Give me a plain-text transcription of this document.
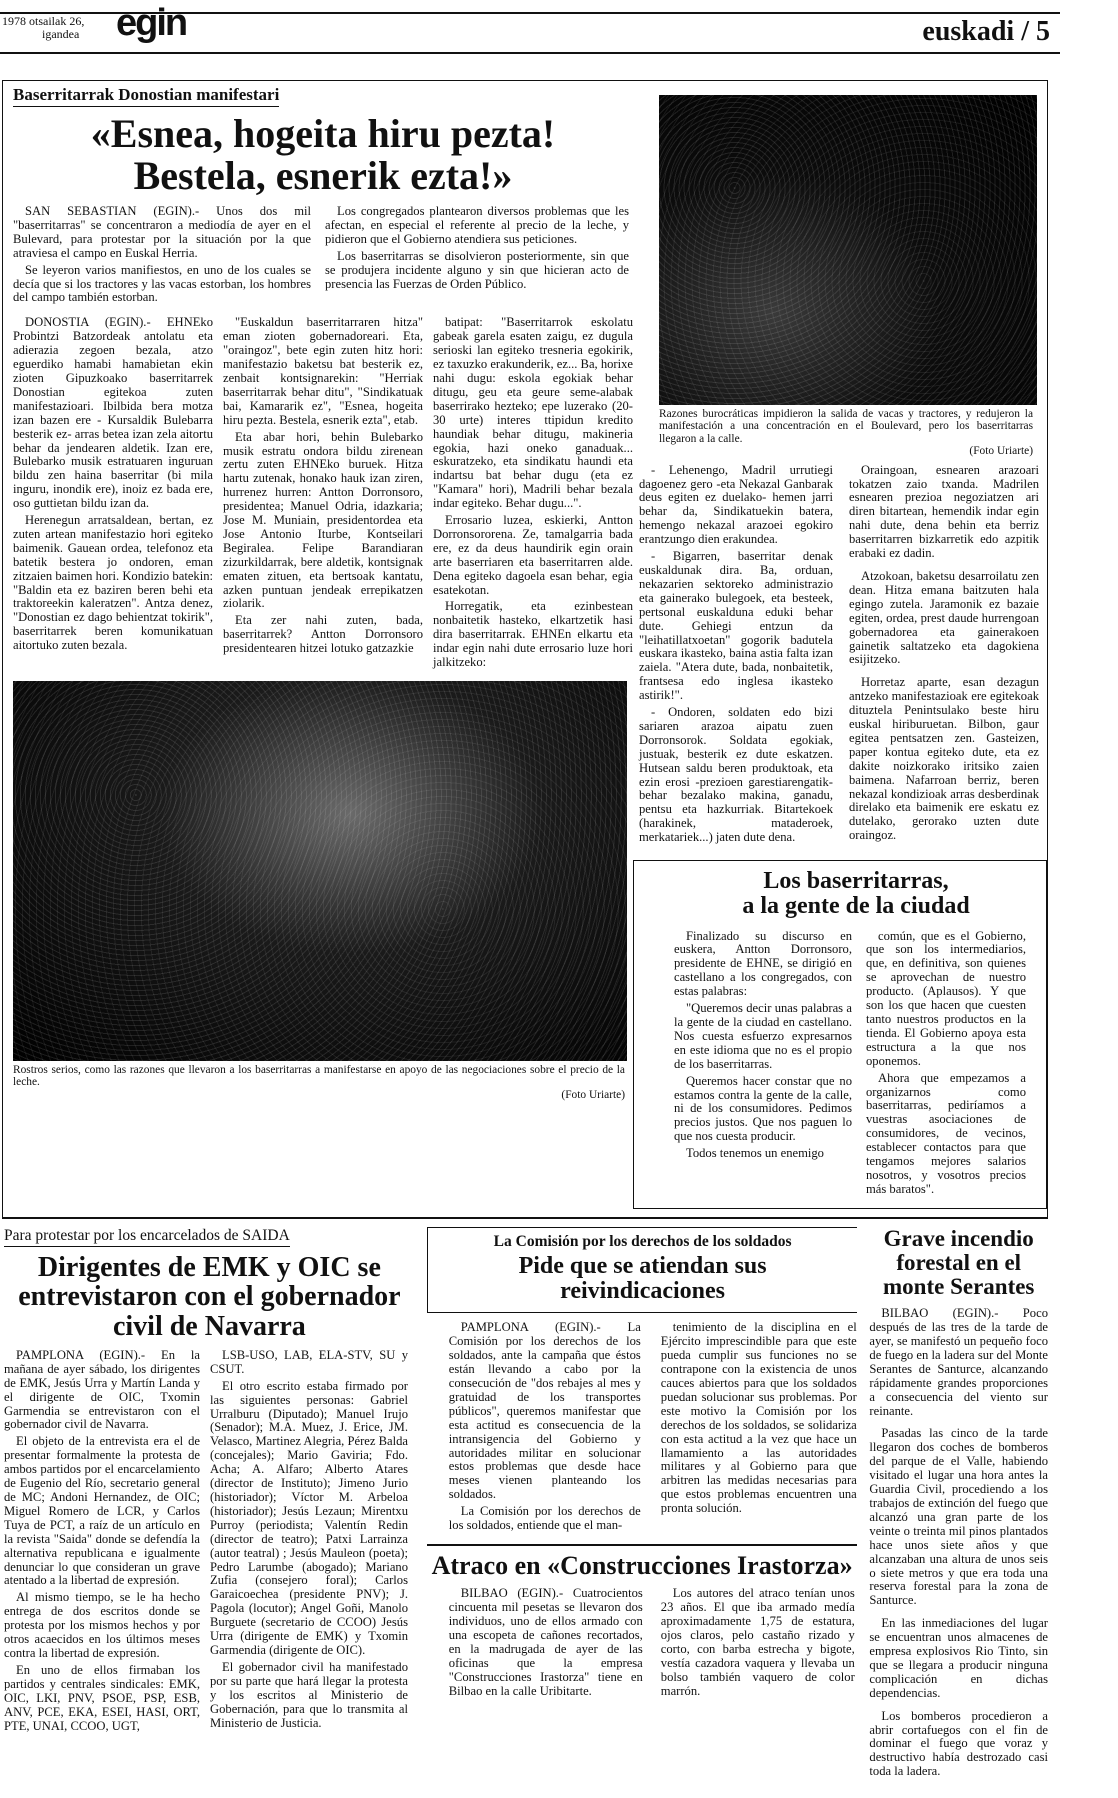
1978 otsailak 26,
igandea egin	euskadi / 5
Baserritarrak Donostian manifestari
«Esnea, hogeita hiru pezta! Bestela, esnerik ezta!»

SAN SEBASTIAN (EGIN).- Unos dos mil "baserritarras" se concentraron a mediodía de ayer en el Bulevard, para protestar por la situación por la que atraviesa el campo en Euskal Herria.

Se leyeron varios manifiestos, en uno de los cuales se decía que si los tractores y las vacas estorban, los hombres del campo también estorban.

Los congregados plantearon diversos problemas que les afectan, en especial el referente al precio de la leche, y pidieron que el Gobierno atendiera sus peticiones.

Los baserritarras se disolvieron posteriormente, sin que se produjera incidente alguno y sin que hicieran acto de presencia las Fuerzas de Orden Público.

DONOSTIA (EGIN).- EHNEko Probintzi Batzordeak antolatu eta adierazia zegoen bezala, atzo eguerdiko hamabi hamabietan ekin zioten Gipuzkoako baserritarrek Donostian egitekoa zuten manifestazioari. Ibilbida bera motza izan bazen ere - Kursaldik Bulebarra besterik ez- arras betea izan zela aitortu behar da jendearen aldetik. Izan ere, Bulebarko musik estratuaren inguruan bildu zen haina baserritar (bi mila inguru, inondik ere), inoiz ez bada ere, oso guttietan bildu izan da.

Herenegun arratsaldean, bertan, ez zuten artean manifestazio hori egiteko baimenik. Gauean ordea, telefonoz eta batetik bestera jo ondoren, eman zitzaien baimen hori. Kondizio batekin: "Baldin eta ez baziren beren behi eta traktoreekin kaleratzen". Antza denez, "Donostian ez dago behientzat tokirik", baserritarrek beren komunikatuan aitortuko zuten bezala.

"Euskaldun baserritarraren hitza" eman zioten gobernadoreari. Eta, "oraingoz", bete egin zuten hitz hori: manifestazio baketsu bat besterik ez, zenbait kontsignarekin: "Herriak baserritarrak behar ditu", "Sindikatuak bai, Kamararik ez", "Esnea, hogeita hiru pezta. Bestela, esnerik ezta", etab.

Eta abar hori, behin Bulebarko musik estratu ondora bildu zirenean zertu zuten EHNEko buruek. Hitza hartu zutenak, honako hauk izan ziren, hurrenez hurren: Antton Dorronsoro, presidentea; Manuel Odria, idazkaria; Jose M. Muniain, presidentordea eta Jose Antonio Iturbe, Kontseilari Begiralea. Felipe Barandiaran zizurkildarrak, bere aldetik, kontsignak ematen zituen, eta bertsoak kantatu, azken puntuan jendeak errepikatzen ziolarik.

Eta zer nahi zuten, bada, baserritarrek? Antton Dorronsoro presidentearen hitzei lotuko gatzazkie

batipat: "Baserritarrok eskolatu gabeak garela esaten zaigu, ez dugula serioski lan egiteko tresneria egokirik, ez taxuzko erakunderik, ez... Ba, horixe nahi dugu: eskola egokiak behar ditugu, geu eta geure seme-alabak baserrirako hezteko; epe luzerako (20-30 urte) interes ttipidun kredito haundiak behar ditugu, makineria egokia, hazi oneko ganaduak... eskuratzeko, eta sindikatu haundi eta indartsu bat behar dugu (eta ez "Kamara" hori), Madrili behar bezala indar egiteko. Behar dugu...".

Errosario luzea, eskierki, Antton Dorronsororena. Ze, tamalgarria bada ere, ez da deus haundirik egin orain arte baserriaren eta baserritarren alde. Dena egiteko dagoela esan behar, egia esatekotan.

Horregatik, eta ezinbestean nonbaitetik hasteko, elkartzetik hasi dira baserritarrak. EHNEn elkartu eta indar egin nahi dute errosario luze hori jalkitzeko:

Rostros serios, como las razones que llevaron a los baserritarras a manifestarse en apoyo de las negociaciones sobre el precio de la leche.
(Foto Uriarte)
Razones burocráticas impidieron la salida de vacas y tractores, y redujeron la manifestación a una concentración en el Boulevard, pero los baserritarras llegaron a la calle.
(Foto Uriarte)

- Lehenengo, Madril urrutiegi dagoenez gero -eta Nekazal Ganbarak deus egiten ez duelako- hemen jarri behar da, Sindikatuekin batera, hemengo nekazal arazoei egokiro erantzungo dien erakundea.

- Bigarren, baserritar denak euskaldunak dira. Ba, orduan, nekazarien sektoreko administrazio eta gainerako bulegoek, eta besteek, pertsonal euskalduna eduki behar dute. Gehiegi entzun da "leihatillatxoetan" gogorik badutela euskara ikasteko, baina astia falta izan zaiela. "Atera dute, bada, nonbaitetik, frantsesa edo inglesa ikasteko astirik!".

- Ondoren, soldaten edo bizi sariaren arazoa aipatu zuen Dorronsorok. Soldata egokiak, justuak, besterik ez dute eskatzen. Hutsean saldu beren produktoak, eta ezin erosi -prezioen garestiarengatik- behar bezalako makina, ganadu, pentsu eta hazkurriak. Bitartekoek (harakinek, mataderoek, merkatariek...) jaten dute dena.

Oraingoan, esnearen arazoari tokatzen zaio txanda. Madrilen esnearen prezioa negoziatzen ari diren bitartean, hemendik indar egin nahi dute, dena behin eta berriz baserritarren bizkarretik edo azpitik erabaki ez dadin.

Atzokoan, baketsu desarroilatu zen dean. Hitza emana baitzuten hala egingo zutela. Jaramonik ez bazaie egiten, ordea, prest daude hurrengoan gobernadorea eta gainerakoen gainetik saltatzeko eta dagokiena esijitzeko.

Horretaz aparte, esan dezagun antzeko manifestazioak ere egitekoak dituztela Penintsulako beste hiru euskal hiriburuetan. Bilbon, gaur egitea pentsatzen zen. Gasteizen, paper kontua egiteko dute, eta ez dakite noizkorako iritsiko zaien baimena. Nafarroan berriz, beren nekazal kondizioak arras desberdinak direlako eta baimenik ere eskatu ez dutelako, gerorako uzten dute oraingoz.

Los baserritarras,
a la gente de la ciudad

Finalizado su discurso en euskera, Antton Dorronsoro, presidente de EHNE, se dirigió en castellano a los congregados, con estas palabras:

"Queremos decir unas palabras a la gente de la ciudad en castellano. Nos cuesta esfuerzo expresarnos en este idioma que no es el propio de los baserritarras.

Queremos hacer constar que no estamos contra la gente de la calle, ni de los consumidores. Pedimos precios justos. Que nos paguen lo que nos cuesta producir.

Todos tenemos un enemigo

común, que es el Gobierno, que son los intermediarios, que, en definitiva, son quienes se aprovechan de nuestro producto. (Aplausos). Y que son los que hacen que cuesten tanto nuestros productos en la tienda. El Gobierno apoya esta estructura a la que nos oponemos.

Ahora que empezamos a organizarnos como baserritarras, pediríamos a vuestras asociaciones de consumidores, de vecinos, establecer contactos para que tengamos mejores salarios nosotros, y vosotros precios más baratos".

Para protestar por los encarcelados de SAIDA
Dirigentes de EMK y OIC se entrevistaron con el gobernador civil de Navarra

PAMPLONA (EGIN).- En la mañana de ayer sábado, los dirigentes de EMK, Jesús Urra y Martín Landa y el dirigente de OIC, Txomin Garmendia se entrevistaron con el gobernador civil de Navarra.

El objeto de la entrevista era el de presentar formalmente la protesta de ambos partidos por el encarcelamiento de Eugenio del Río, secretario general de MC; Andoni Hernandez, de OIC; Miguel Romero de LCR, y Carlos Tuya de PCT, a raíz de un artículo en la revista "Saida" donde se defendía la alternativa republicana e igualmente denunciar lo que consideran un grave atentado a la libertad de expresión.

Al mismo tiempo, se le ha hecho entrega de dos escritos donde se protesta por los mismos hechos y por otros acaecidos en los últimos meses contra la libertad de expresión.

En uno de ellos firmaban los partidos y centrales sindicales: EMK, OIC, LKI, PNV, PSOE, PSP, ESB, ANV, PCE, EKA, ESEI, HASI, ORT, PTE, UNAI, CCOO, UGT,

LSB-USO, LAB, ELA-STV, SU y CSUT.

El otro escrito estaba firmado por las siguientes personas: Gabriel Urralburu (Diputado); Manuel Irujo (Senador); M.A. Muez, J. Erice, JM. Velasco, Martinez Alegria, Pérez Balda (concejales); Mario Gaviria; Fdo. Acha; A. Alfaro; Alberto Atares (director de Instituto); Jimeno Jurio (historiador); Víctor M. Arbeloa (historiador); Jesús Lezaun; Mirentxu Purroy (periodista; Valentín Redin (director de teatro); Patxi Larrainza (autor teatral) ; Jesús Mauleon (poeta); Pedro Larumbe (abogado); Mariano Zufia (consejero foral); Carlos Garaicoechea (presidente PNV); J. Pagola (locutor); Angel Goñi, Manolo Burguete (secretario de CCOO) Jesús Urra (dirigente de EMK) y Txomin Garmendia (dirigente de OIC).

El gobernador civil ha manifestado por su parte que hará llegar la protesta y los escritos al Ministerio de Gobernación, para que lo transmita al Ministerio de Justicia.

La Comisión por los derechos de los soldados
Pide que se atiendan sus reivindicaciones

PAMPLONA (EGIN).- La Comisión por los derechos de los soldados, ante la campaña que éstos están llevando a cabo por la consecución de "dos rebajes al mes y gratuidad de los transportes públicos", queremos manifestar que esta actitud es consecuencia de la intransigencia del Gobierno y autoridades militar en solucionar estos problemas que desde hace meses vienen planteando los soldados.

La Comisión por los derechos de los soldados, entiende que el man-

tenimiento de la disciplina en el Ejército imprescindible para que este pueda cumplir sus funciones no se contrapone con la existencia de unos cauces abiertos para que los soldados puedan solucionar sus problemas. Por este motivo la Comisión por los derechos de los soldados, se solidariza con esta actitud a la vez que hace un llamamiento a las autoridades militares y al Gobierno para que arbitren las medidas necesarias para que estos problemas encuentren una pronta solución.

Atraco en «Construcciones Irastorza»

BILBAO (EGIN).- Cuatrocientos cincuenta mil pesetas se llevaron dos individuos, uno de ellos armado con una escopeta de cañones recortados, en la madrugada de ayer de las oficinas que la empresa "Construcciones Irastorza" tiene en Bilbao en la calle Uribitarte.

Los autores del atraco tenían unos 23 años. El que iba armado medía aproximadamente 1,75 de estatura, ojos claros, pelo castaño rizado y corto, con barba estrecha y bigote, vestía cazadora vaquera y llevaba un bolso también vaquero de color marrón.

Grave incendio forestal en el monte Serantes

BILBAO (EGIN).- Poco después de las tres de la tarde de ayer, se manifestó un pequeño foco de fuego en la ladera sur del Monte Serantes de Santurce, alcanzando rápidamente grandes proporciones a consecuencia del viento sur reinante.

Pasadas las cinco de la tarde llegaron dos coches de bomberos del parque de el Valle, habiendo visitado el lugar una hora antes la Guardia Civil, procediendo a los trabajos de extinción del fuego que alcanzó una gran parte de los veinte o treinta mil pinos plantados hace unos siete años y que alcanzaban una altura de unos seis o siete metros y que era toda una reserva forestal para la zona de Santurce.

En las inmediaciones del lugar se encuentran unos almacenes de empresa explosivos Rio Tinto, sin que se llegara a producir ninguna complicación en dichas dependencias.

Los bomberos procedieron a abrir cortafuegos con el fin de dominar el fuego que voraz y destructivo había destrozado casi toda la ladera.
